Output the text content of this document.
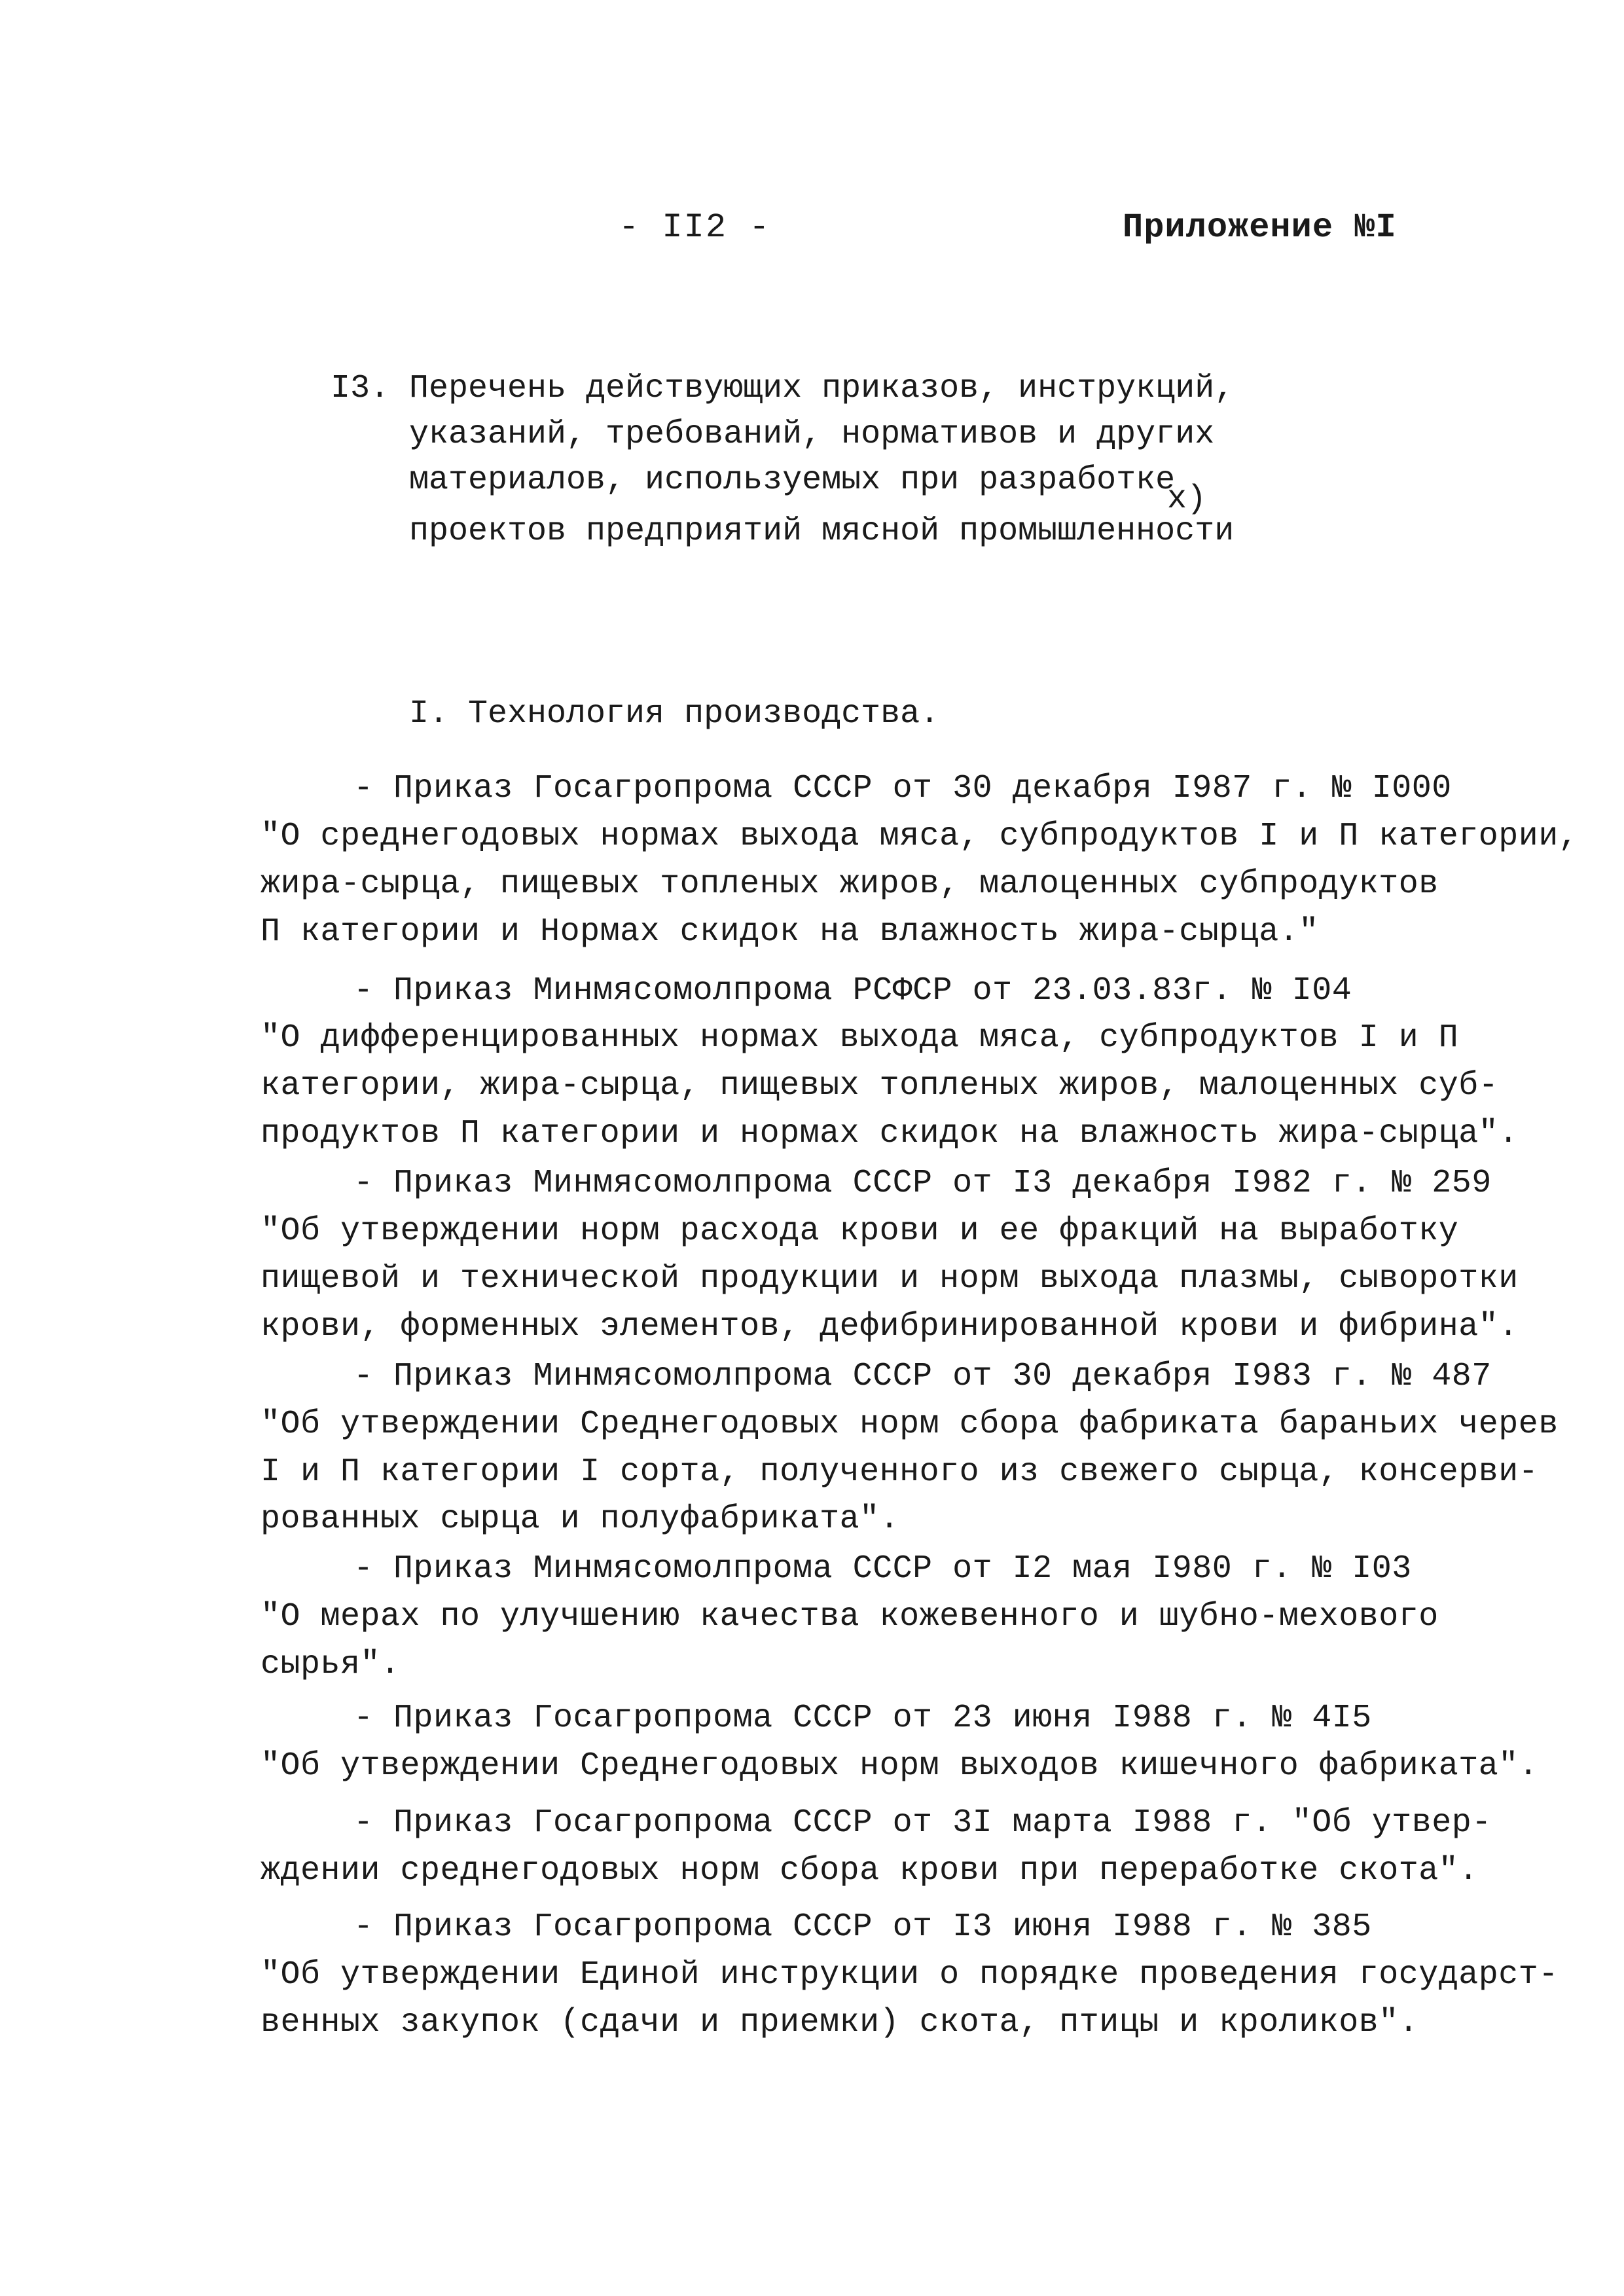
- II2 -	Приложение №I
I3. Перечень действующих приказов, инструкций,
указаний, требований, нормативов и других
материалов, используемых при разработке
проектов предприятий мясной промышленности
x)
I. Технология производства.
- Приказ Госагропрома СССР от 30 декабря I987 г. № I000
"О среднегодовых нормах выхода мяса, субпродуктов I и П категории,
жира-сырца, пищевых топленых жиров, малоценных субпродуктов
П категории и Нормах скидок на влажность жира-сырца."
- Приказ Минмясомолпрома РСФСР от 23.03.83г. № I04
"О дифференцированных нормах выхода мяса, субпродуктов I и П
категории, жира-сырца, пищевых топленых жиров, малоценных суб-
продуктов П категории и нормах скидок на влажность жира-сырца".
- Приказ Минмясомолпрома СССР от I3 декабря I982 г. № 259
"Об утверждении норм расхода крови и ее фракций на выработку
пищевой и технической продукции и норм выхода плазмы, сыворотки
крови, форменных элементов, дефибринированной крови и фибрина".
- Приказ Минмясомолпрома СССР от 30 декабря I983 г. № 487
"Об утверждении Среднегодовых норм сбора фабриката бараньих черев
I и П категории I сорта, полученного из свежего сырца, консерви-
рованных сырца и полуфабриката".
- Приказ Минмясомолпрома СССР от I2 мая I980 г. № I03
"О мерах по улучшению качества кожевенного и шубно-мехового
сырья".
- Приказ Госагропрома СССР от 23 июня I988 г. № 4I5
"Об утверждении Среднегодовых норм выходов кишечного фабриката".
- Приказ Госагропрома СССР от 3I марта I988 г. "Об утвер-
ждении среднегодовых норм сбора крови при переработке скота".
- Приказ Госагропрома СССР от I3 июня I988 г. № 385
"Об утверждении Единой инструкции о порядке проведения государст-
венных закупок (сдачи и приемки) скота, птицы и кроликов".
